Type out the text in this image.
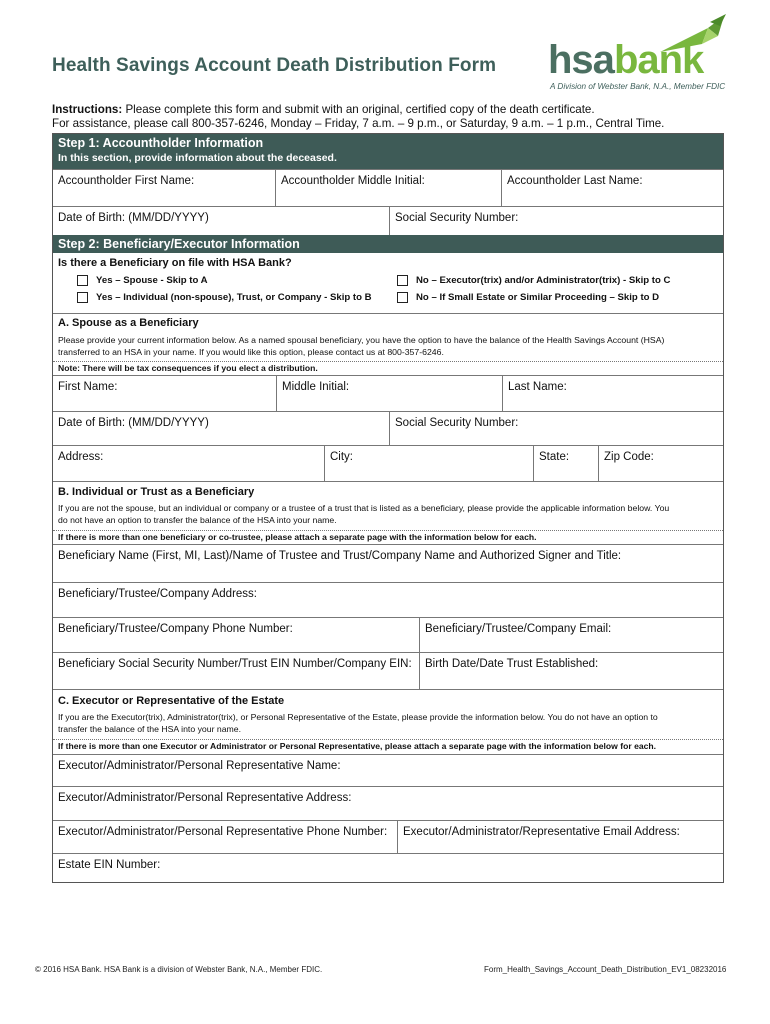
Health Savings Account Death Distribution Form hsabank
A Division of Webster Bank, N.A., Member FDIC
Instructions: Please complete this form and submit with an original, certified copy of the death certificate.
For assistance, please call 800-357-6246, Monday – Friday, 7 a.m. – 9 p.m., or Saturday, 9 a.m. – 1 p.m., Central Time.
Step 1: Accountholder Information
In this section, provide information about the deceased.
Accountholder First Name:	Accountholder Middle Initial:	Accountholder Last Name:
Date of Birth: (MM/DD/YYYY)	Social Security Number:
Step 2: Beneficiary/Executor Information
Is there a Beneficiary on file with HSA Bank?
Yes – Spouse - Skip to A
Yes – Individual (non-spouse), Trust, or Company - Skip to B
No – Executor(trix) and/or Administrator(trix) - Skip to C
No – If Small Estate or Similar Proceeding – Skip to D
A. Spouse as a Beneficiary
Please provide your current information below. As a named spousal beneficiary, you have the option to have the balance of the Health Savings Account (HSA)
transferred to an HSA in your name. If you would like this option, please contact us at 800-357-6246.
Note: There will be tax consequences if you elect a distribution.
First Name:	Middle Initial:	Last Name:
Date of Birth: (MM/DD/YYYY)	Social Security Number:
Address:	City:	State:	Zip Code:
B. Individual or Trust as a Beneficiary
If you are not the spouse, but an individual or company or a trustee of a trust that is listed as a beneficiary, please provide the applicable information below. You
do not have an option to transfer the balance of the HSA into your name.
If there is more than one beneficiary or co-trustee, please attach a separate page with the information below for each.
Beneficiary Name (First, MI, Last)/Name of Trustee and Trust/Company Name and Authorized Signer and Title:
Beneficiary/Trustee/Company Address:
Beneficiary/Trustee/Company Phone Number:	Beneficiary/Trustee/Company Email:
Beneficiary Social Security Number/Trust EIN Number/Company EIN:	Birth Date/Date Trust Established:
C. Executor or Representative of the Estate
If you are the Executor(trix), Administrator(trix), or Personal Representative of the Estate, please provide the information below. You do not have an option to
transfer the balance of the HSA into your name.
If there is more than one Executor or Administrator or Personal Representative, please attach a separate page with the information below for each.
Executor/Administrator/Personal Representative Name:
Executor/Administrator/Personal Representative Address:
Executor/Administrator/Personal Representative Phone Number:	Executor/Administrator/Representative Email Address:
Estate EIN Number:
© 2016 HSA Bank. HSA Bank is a division of Webster Bank, N.A., Member FDIC.	Form_Health_Savings_Account_Death_Distribution_EV1_08232016
